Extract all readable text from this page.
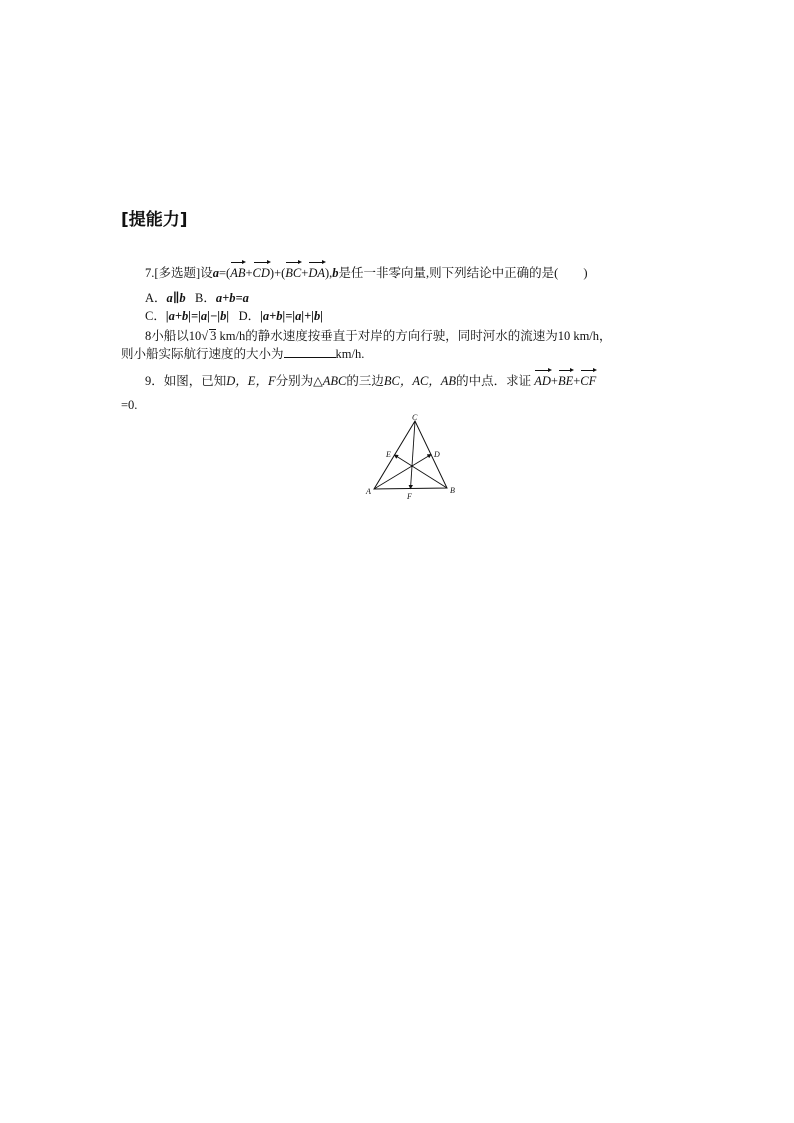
[提能力]
7.[多选题]设a=(AB+CD)+(BC+DA),b是任一非零向量,则下列结论中正确的是(　　)
A．a∥b B．a+b=a
C．|a+b|=|a|−|b| D．|a+b|=|a|+|b|
8小船以10√ 3 km/h的静水速度按垂直于对岸的方向行驶，同时河水的流速为10 km/h，
则小船实际航行速度的大小为	km/h.
9．如图，已知D，E，F分别为△ABC的三边BC，AC，AB的中点．求证 AD+BE+CF
=0.
C
E	D
A
F
B
